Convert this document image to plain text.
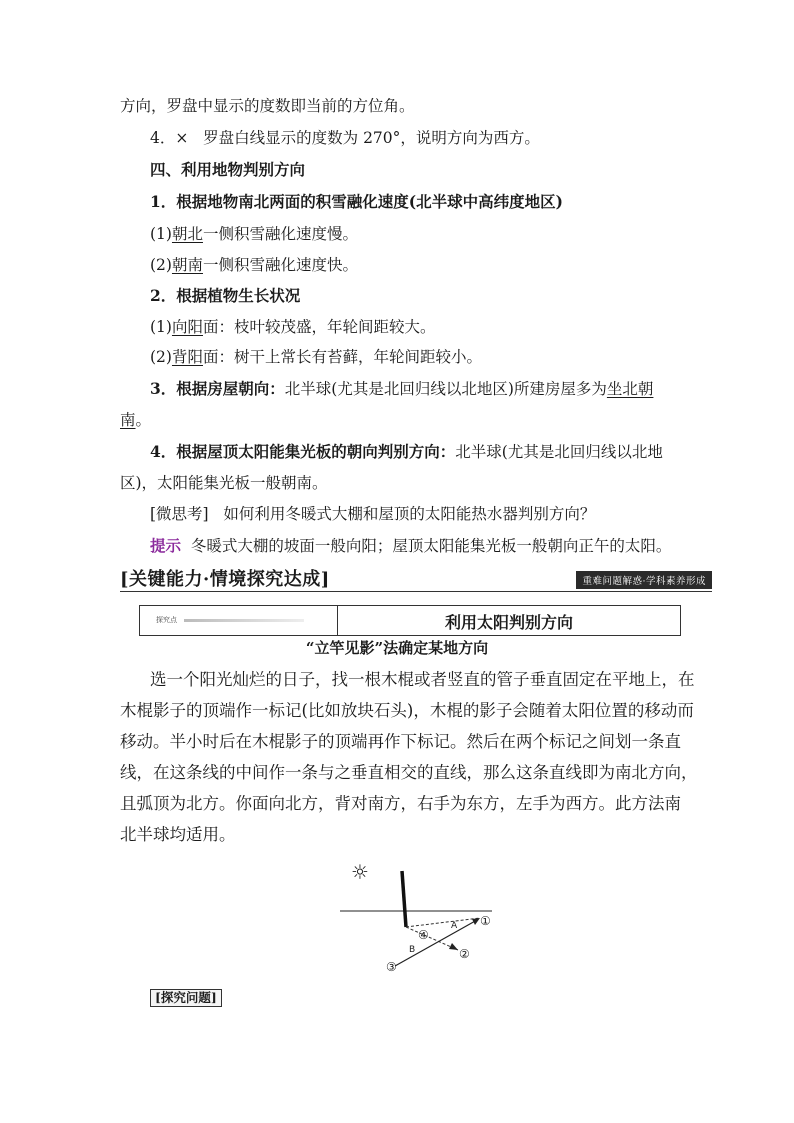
方向，罗盘中显示的度数即当前的方位角。
4．× 罗盘白线显示的度数为 270°，说明方向为西方。
四、利用地物判别方向
1．根据地物南北两面的积雪融化速度(北半球中高纬度地区)
(1)朝北一侧积雪融化速度慢。
(2)朝南一侧积雪融化速度快。
2．根据植物生长状况
(1)向阳面：枝叶较茂盛，年轮间距较大。
(2)背阳面：树干上常长有苔藓，年轮间距较小。
3．根据房屋朝向：北半球(尤其是北回归线以北地区)所建房屋多为坐北朝
南。
4．根据屋顶太阳能集光板的朝向判别方向：北半球(尤其是北回归线以北地
区)，太阳能集光板一般朝南。
[微思考] 如何利用冬暖式大棚和屋顶的太阳能热水器判别方向？
提示 冬暖式大棚的坡面一般向阳；屋顶太阳能集光板一般朝向正午的太阳。
[关键能力·情境探究达成]	重难问题解惑·学科素养形成
探究点	利用太阳判别方向
“立竿见影”法确定某地方向
选一个阳光灿烂的日子，找一根木棍或者竖直的管子垂直固定在平地上，在
木棍影子的顶端作一标记(比如放块石头)，木棍的影子会随着太阳位置的移动而
移动。半小时后在木棍影子的顶端再作下标记。然后在两个标记之间划一条直
线，在这条线的中间作一条与之垂直相交的直线，那么这条直线即为南北方向，
且弧顶为北方。你面向北方，背对南方，右手为东方，左手为西方。此方法南
北半球均适用。
☼
①
②
③
④
A
B
[探究问题]
